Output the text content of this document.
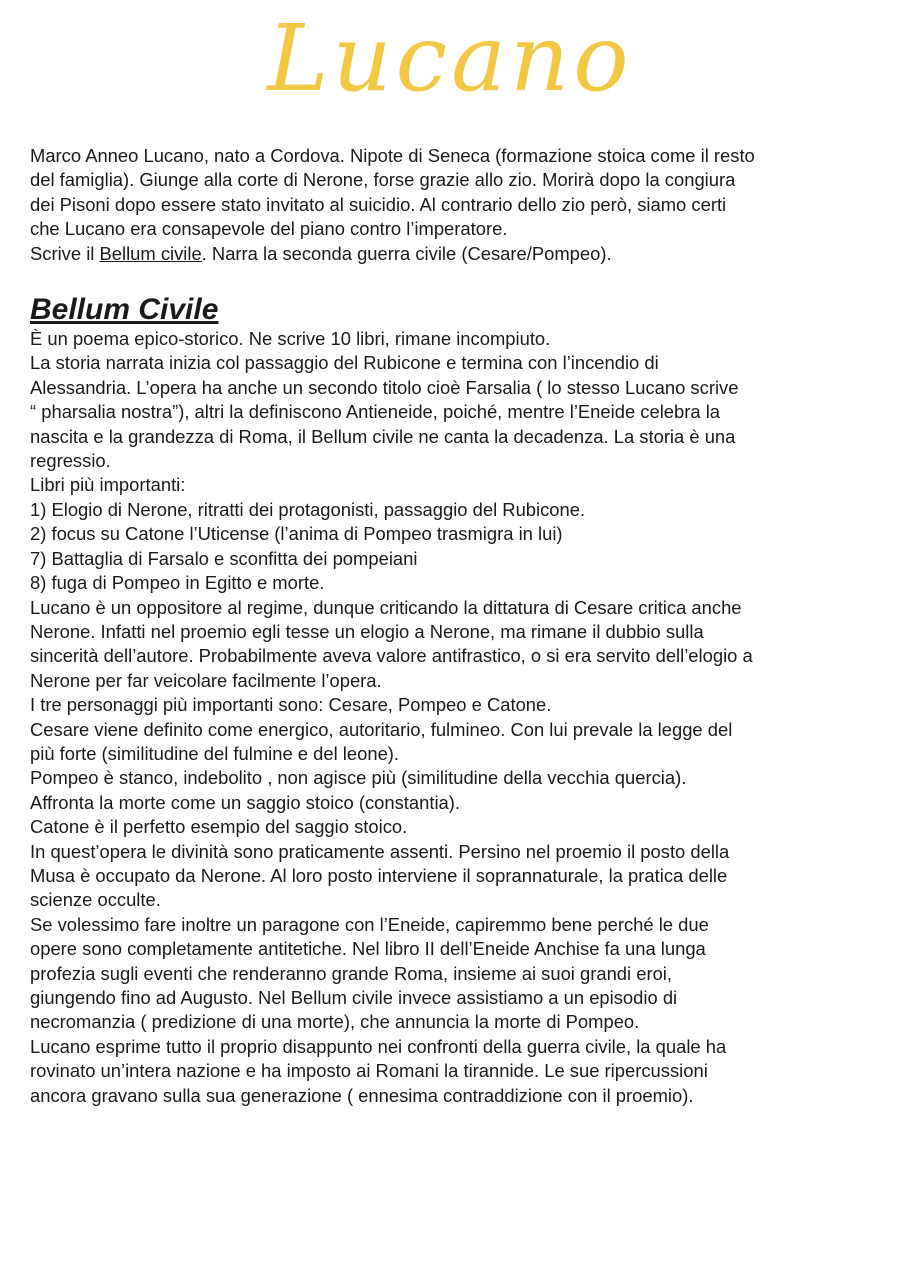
Lucano
Marco Anneo Lucano, nato a Cordova. Nipote di Seneca (formazione stoica come il resto
del famiglia). Giunge alla corte di Nerone, forse grazie allo zio. Morirà dopo la congiura
dei Pisoni dopo essere stato invitato al suicidio. Al contrario dello zio però, siamo certi
che Lucano era consapevole del piano contro l’imperatore.
Scrive il Bellum civile. Narra la seconda guerra civile (Cesare/Pompeo).
Bellum Civile
È un poema epico-storico. Ne scrive 10 libri, rimane incompiuto.
La storia narrata inizia col passaggio del Rubicone e termina con l’incendio di
Alessandria. L’opera ha anche un secondo titolo cioè Farsalia ( lo stesso Lucano scrive
“ pharsalia nostra”), altri la definiscono Antieneide, poiché, mentre l’Eneide celebra la
nascita e la grandezza di Roma, il Bellum civile ne canta la decadenza. La storia è una
regressio.
Libri più importanti:
1) Elogio di Nerone, ritratti dei protagonisti, passaggio del Rubicone.
2) focus su Catone l’Uticense (l’anima di Pompeo trasmigra in lui)
7) Battaglia di Farsalo e sconfitta dei pompeiani
8) fuga di Pompeo in Egitto e morte.
Lucano è un oppositore al regime, dunque criticando la dittatura di Cesare critica anche
Nerone. Infatti nel proemio egli tesse un elogio a Nerone, ma rimane il dubbio sulla
sincerità dell’autore. Probabilmente aveva valore antifrastico, o si era servito dell’elogio a
Nerone per far veicolare facilmente l’opera.
I tre personaggi più importanti sono: Cesare, Pompeo e Catone.
Cesare viene definito come energico, autoritario, fulmineo. Con lui prevale la legge del
più forte (similitudine del fulmine e del leone).
Pompeo è stanco, indebolito , non agisce più (similitudine della vecchia quercia).
Affronta la morte come un saggio stoico (constantia).
Catone è il perfetto esempio del saggio stoico.
In quest’opera le divinità sono praticamente assenti. Persino nel proemio il posto della
Musa è occupato da Nerone. Al loro posto interviene il soprannaturale, la pratica delle
scienze occulte.
Se volessimo fare inoltre un paragone con l’Eneide, capiremmo bene perché le due
opere sono completamente antitetiche. Nel libro II dell’Eneide Anchise fa una lunga
profezia sugli eventi che renderanno grande Roma, insieme ai suoi grandi eroi,
giungendo fino ad Augusto. Nel Bellum civile invece assistiamo a un episodio di
necromanzia ( predizione di una morte), che annuncia la morte di Pompeo.
Lucano esprime tutto il proprio disappunto nei confronti della guerra civile, la quale ha
rovinato un’intera nazione e ha imposto ai Romani la tirannide. Le sue ripercussioni
ancora gravano sulla sua generazione ( ennesima contraddizione con il proemio).
